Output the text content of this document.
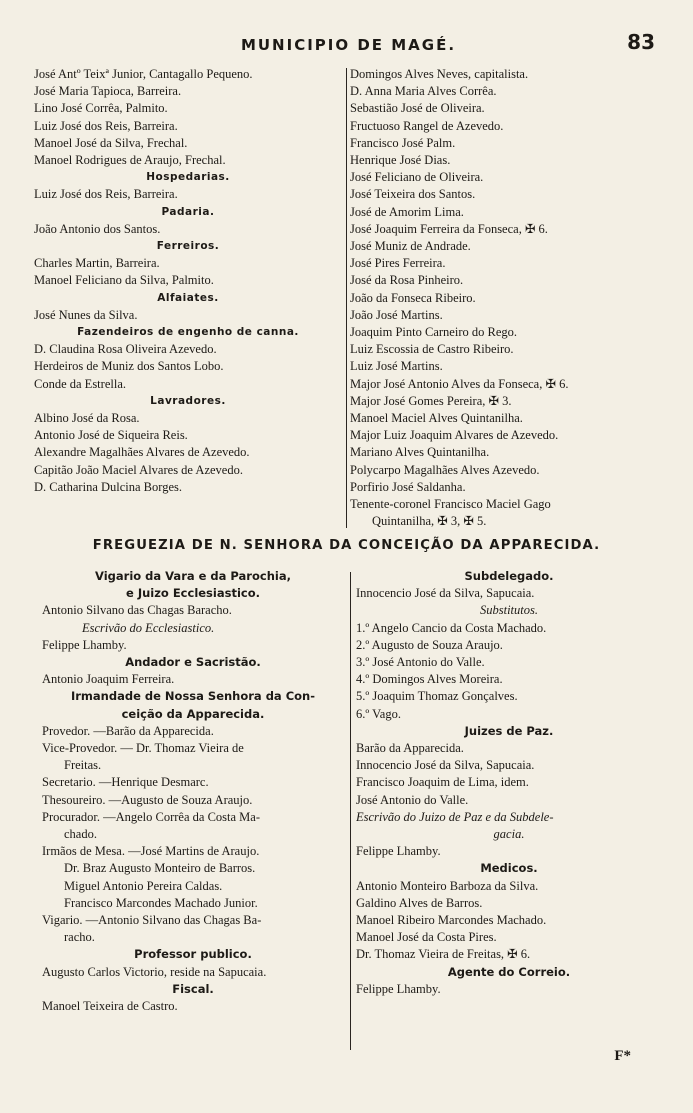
MUNICIPIO DE MAGÉ.	83
José Antº Teixª Junior, Cantagallo Pequeno.
José Maria Tapioca, Barreira.
Lino José Corrêa, Palmito.
Luiz José dos Reis, Barreira.
Manoel José da Silva, Frechal.
Manoel Rodrigues de Araujo, Frechal.
Hospedarias.
Luiz José dos Reis, Barreira.
Padaria.
João Antonio dos Santos.
Ferreiros.
Charles Martin, Barreira.
Manoel Feliciano da Silva, Palmito.
Alfaiates.
José Nunes da Silva.
Fazendeiros de engenho de canna.
D. Claudina Rosa Oliveira Azevedo.
Herdeiros de Muniz dos Santos Lobo.
Conde da Estrella.
Lavradores.
Albino José da Rosa.
Antonio José de Siqueira Reis.
Alexandre Magalhães Alvares de Azevedo.
Capitão João Maciel Alvares de Azevedo.
D. Catharina Dulcina Borges.
Domingos Alves Neves, capitalista.
D. Anna Maria Alves Corrêa.
Sebastião José de Oliveira.
Fructuoso Rangel de Azevedo.
Francisco José Palm.
Henrique José Dias.
José Feliciano de Oliveira.
José Teixeira dos Santos.
José de Amorim Lima.
José Joaquim Ferreira da Fonseca, ✠ 6.
José Muniz de Andrade.
José Pires Ferreira.
José da Rosa Pinheiro.
João da Fonseca Ribeiro.
João José Martins.
Joaquim Pinto Carneiro do Rego.
Luiz Escossia de Castro Ribeiro.
Luiz José Martins.
Major José Antonio Alves da Fonseca, ✠ 6.
Major José Gomes Pereira, ✠ 3.
Manoel Maciel Alves Quintanilha.
Major Luiz Joaquim Alvares de Azevedo.
Mariano Alves Quintanilha.
Polycarpo Magalhães Alves Azevedo.
Porfirio José Saldanha.
Tenente-coronel Francisco Maciel Gago
Quintanilha, ✠ 3, ✠ 5.
FREGUEZIA DE N. SENHORA DA CONCEIÇÃO DA APPARECIDA.
Vigario da Vara e da Parochia,
e Juizo Ecclesiastico.
Antonio Silvano das Chagas Baracho.
Escrivão do Ecclesiastico.
Felippe Lhamby.
Andador e Sacristão.
Antonio Joaquim Ferreira.
Irmandade de Nossa Senhora da Con-
ceição da Apparecida.
Provedor. —Barão da Apparecida.
Vice-Provedor. — Dr. Thomaz Vieira de
Freitas.
Secretario. —Henrique Desmarc.
Thesoureiro. —Augusto de Souza Araujo.
Procurador. —Angelo Corrêa da Costa Ma-
chado.
Irmãos de Mesa. —José Martins de Araujo.
Dr. Braz Augusto Monteiro de Barros.
Miguel Antonio Pereira Caldas.
Francisco Marcondes Machado Junior.
Vigario. —Antonio Silvano das Chagas Ba-
racho.
Professor publico.
Augusto Carlos Victorio, reside na Sapucaia.
Fiscal.
Manoel Teixeira de Castro.
Subdelegado.
Innocencio José da Silva, Sapucaia.
Substitutos.
1.º Angelo Cancio da Costa Machado.
2.º Augusto de Souza Araujo.
3.º José Antonio do Valle.
4.º Domingos Alves Moreira.
5.º Joaquim Thomaz Gonçalves.
6.º Vago.
Juizes de Paz.
Barão da Apparecida.
Innocencio José da Silva, Sapucaia.
Francisco Joaquim de Lima, idem.
José Antonio do Valle.
Escrivão do Juizo de Paz e da Subdele-
gacia.
Felippe Lhamby.
Medicos.
Antonio Monteiro Barboza da Silva.
Galdino Alves de Barros.
Manoel Ribeiro Marcondes Machado.
Manoel José da Costa Pires.
Dr. Thomaz Vieira de Freitas, ✠ 6.
Agente do Correio.
Felippe Lhamby.
F*
